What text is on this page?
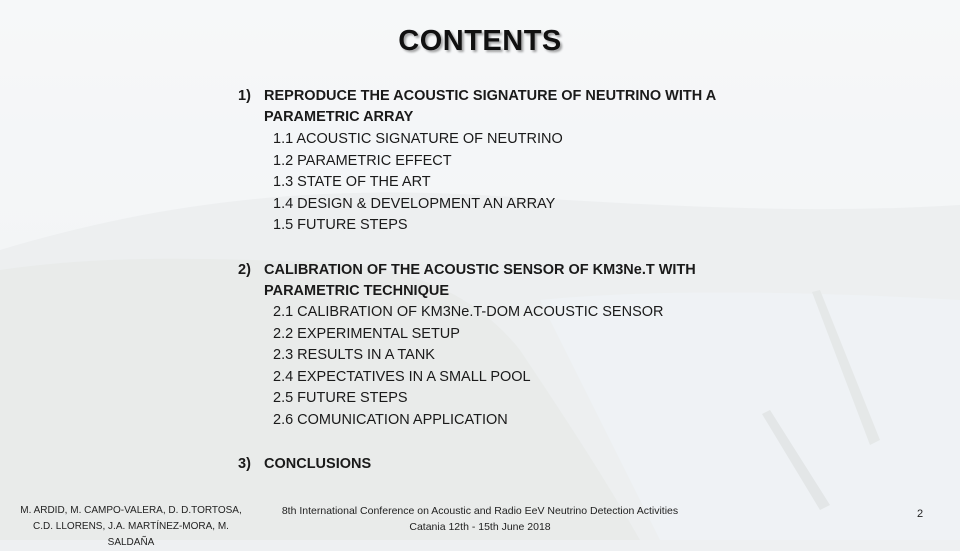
CONTENTS
1) REPRODUCE THE ACOUSTIC SIGNATURE OF NEUTRINO WITH A
PARAMETRIC ARRAY
1.1 ACOUSTIC SIGNATURE OF NEUTRINO
1.2 PARAMETRIC EFFECT
1.3 STATE OF THE ART
1.4 DESIGN & DEVELOPMENT AN ARRAY
1.5 FUTURE STEPS
2) CALIBRATION OF THE ACOUSTIC SENSOR OF KM3Ne.T WITH
PARAMETRIC TECHNIQUE
2.1 CALIBRATION OF KM3Ne.T-DOM ACOUSTIC SENSOR
2.2 EXPERIMENTAL SETUP
2.3 RESULTS IN A TANK
2.4 EXPECTATIVES IN A SMALL POOL
2.5 FUTURE STEPS
2.6 COMUNICATION APPLICATION
3) CONCLUSIONS
M. ARDID, M. CAMPO-VALERA, D. D.TORTOSA,
C.D. LLORENS, J.A. MARTÍNEZ-MORA, M. SALDAÑA
8th International Conference on Acoustic and Radio EeV Neutrino Detection Activities
Catania 12th - 15th June 2018
2
